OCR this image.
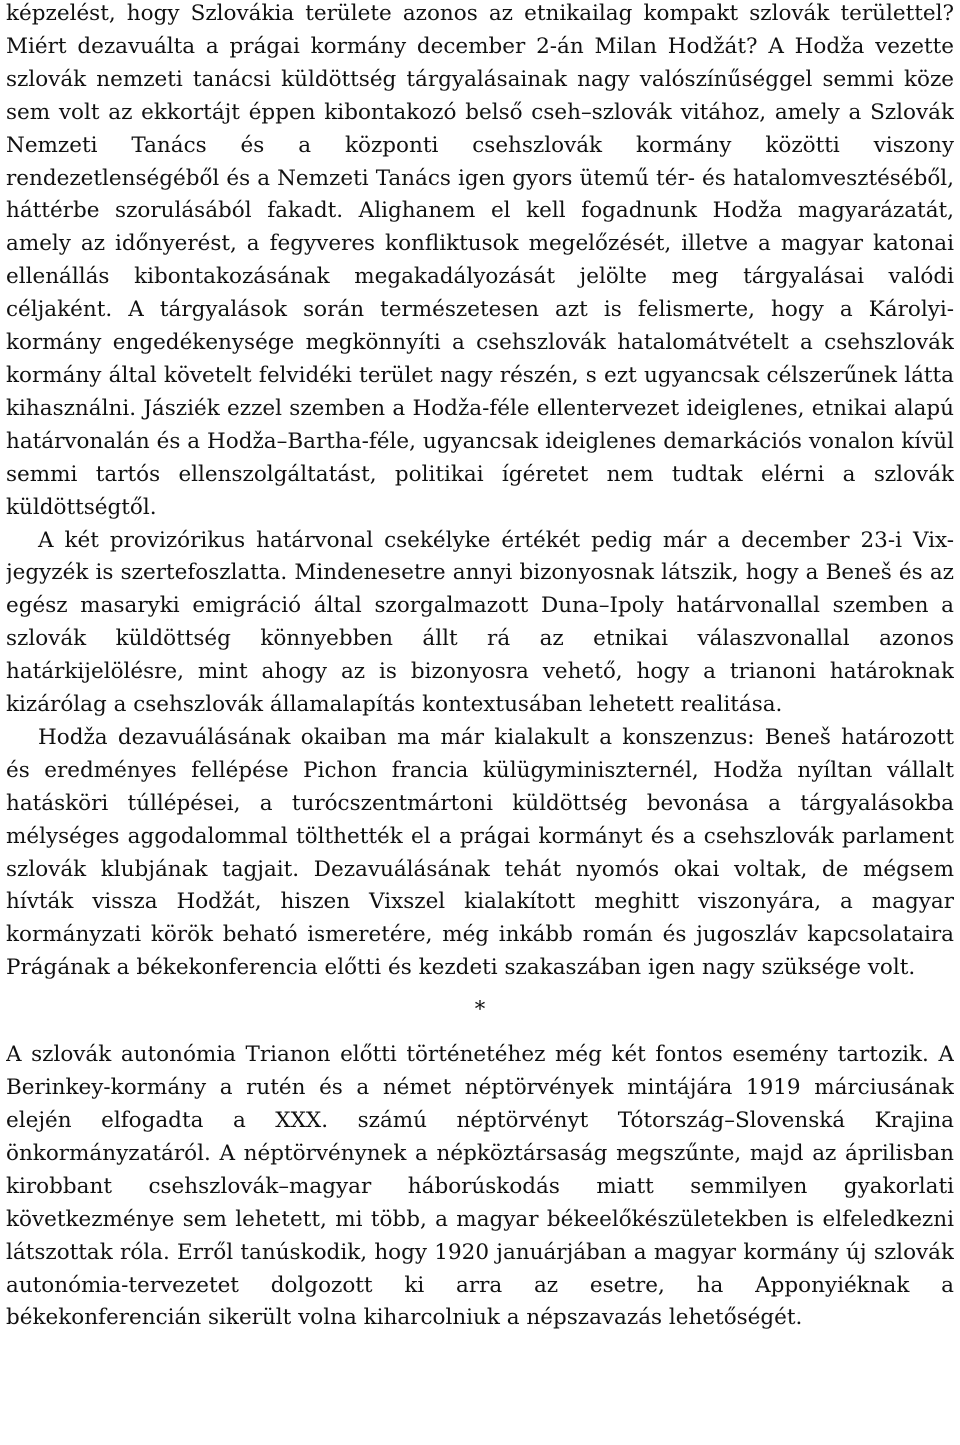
képzelést, hogy Szlovákia területe azonos az etnikailag kompakt szlovák területtel? Miért dezavuálta a prágai kormány december 2-án Milan Hodžát? A Hodža vezette szlovák nemzeti tanácsi küldöttség tárgyalásainak nagy valószínűséggel semmi köze sem volt az ekkortájt éppen kibontakozó belső cseh–szlovák vitához, amely a Szlovák Nemzeti Tanács és a központi csehszlovák kormány közötti viszony rendezetlenségéből és a Nemzeti Tanács igen gyors ütemű tér- és hatalomvesztéséből, háttérbe szorulásából fakadt. Alighanem el kell fogadnunk Hodža magyarázatát, amely az időnyerést, a fegyveres konfliktusok megelőzését, illetve a magyar katonai ellenállás kibontakozásának megakadályozását jelölte meg tárgyalásai valódi céljaként. A tárgyalások során természetesen azt is felismerte, hogy a Károlyi-kormány engedékenysége megkönnyíti a csehszlovák hatalomátvételt a csehszlovák kormány által követelt felvidéki terület nagy részén, s ezt ugyancsak célszerűnek látta kihasználni. Jásziék ezzel szemben a Hodža-féle ellentervezet ideiglenes, etnikai alapú határvonalán és a Hodža–Bartha-féle, ugyancsak ideiglenes demarkációs vonalon kívül semmi tartós ellenszolgáltatást, politikai ígéretet nem tudtak elérni a szlovák küldöttségtől.

A két provizórikus határvonal csekélyke értékét pedig már a december 23-i Vix-jegyzék is szertefoszlatta. Mindenesetre annyi bizonyosnak látszik, hogy a Beneš és az egész masaryki emigráció által szorgalmazott Duna–Ipoly határvonallal szemben a szlovák küldöttség könnyebben állt rá az etnikai válaszvonallal azonos határkijelölésre, mint ahogy az is bizonyosra vehető, hogy a trianoni határoknak kizárólag a csehszlovák államalapítás kontextusában lehetett realitása.

Hodža dezavuálásának okaiban ma már kialakult a konszenzus: Beneš határozott és eredményes fellépése Pichon francia külügyminiszternél, Hodža nyíltan vállalt hatásköri túllépései, a turócszentmártoni küldöttség bevonása a tárgyalásokba mélységes aggodalommal tölthették el a prágai kormányt és a csehszlovák parlament szlovák klubjának tagjait. Dezavuálásának tehát nyomós okai voltak, de mégsem hívták vissza Hodžát, hiszen Vixszel kialakított meghitt viszonyára, a magyar kormányzati körök beható ismeretére, még inkább román és jugoszláv kapcsolataira Prágának a békekonferencia előtti és kezdeti szakaszában igen nagy szüksége volt.

*

A szlovák autonómia Trianon előtti történetéhez még két fontos esemény tartozik. A Berinkey-kormány a rutén és a német néptörvények mintájára 1919 márciusának elején elfogadta a XXX. számú néptörvényt Tótország–Slovenská Krajina önkormányzatáról. A néptörvénynek a népköztársaság megszűnte, majd az áprilisban kirobbant csehszlovák–magyar háborúskodás miatt semmilyen gyakorlati következménye sem lehetett, mi több, a magyar békeelőkészületekben is elfeledkezni látszottak róla. Erről tanúskodik, hogy 1920 januárjában a magyar kormány új szlovák autonómia-tervezetet dolgozott ki arra az esetre, ha Apponyiéknak a békekonferencián sikerült volna kiharcolniuk a népszavazás lehetőségét.
